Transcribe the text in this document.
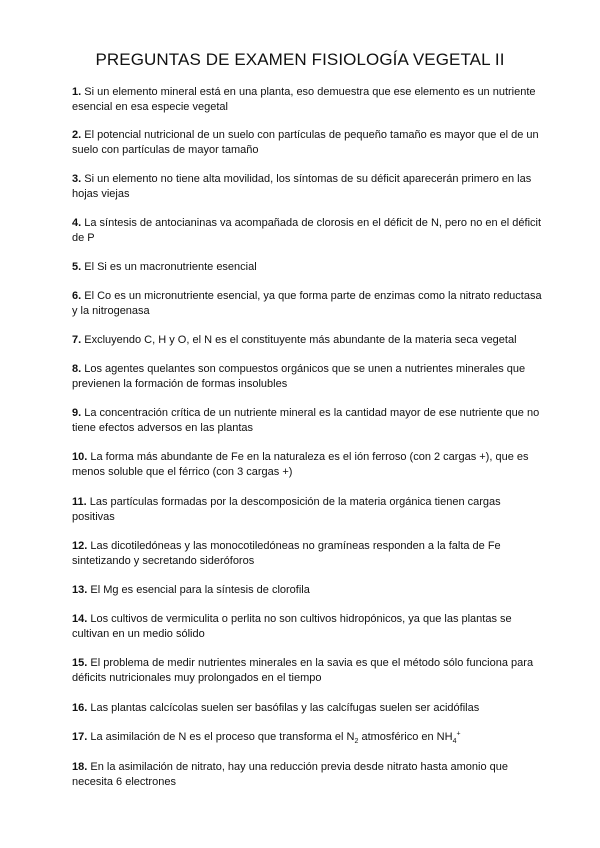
PREGUNTAS DE EXAMEN FISIOLOGÍA VEGETAL II

1. Si un elemento mineral está en una planta, eso demuestra que ese elemento es un nutriente esencial en esa especie vegetal

2. El potencial nutricional de un suelo con partículas de pequeño tamaño es mayor que el de un suelo con partículas de mayor tamaño

3. Si un elemento no tiene alta movilidad, los síntomas de su déficit aparecerán primero en las hojas viejas

4. La síntesis de antocianinas va acompañada de clorosis en el déficit de N, pero no en el déficit de P

5. El Si es un macronutriente esencial

6. El Co es un micronutriente esencial, ya que forma parte de enzimas como la nitrato reductasa y la nitrogenasa

7. Excluyendo C, H y O, el N es el constituyente más abundante de la materia seca vegetal

8. Los agentes quelantes son compuestos orgánicos que se unen a nutrientes minerales que previenen la formación de formas insolubles

9. La concentración crítica de un nutriente mineral es la cantidad mayor de ese nutriente que no tiene efectos adversos en las plantas

10. La forma más abundante de Fe en la naturaleza es el ión ferroso (con 2 cargas +), que es menos soluble que el férrico (con 3 cargas +)

11. Las partículas formadas por la descomposición de la materia orgánica tienen cargas positivas

12. Las dicotiledóneas y las monocotiledóneas no gramíneas responden a la falta de Fe sintetizando y secretando sideróforos

13. El Mg es esencial para la síntesis de clorofila

14. Los cultivos de vermiculita o perlita no son cultivos hidropónicos, ya que las plantas se cultivan en un medio sólido

15. El problema de medir nutrientes minerales en la savia es que el método sólo funciona para déficits nutricionales muy prolongados en el tiempo

16. Las plantas calcícolas suelen ser basófilas y las calcífugas suelen ser acidófilas

17. La asimilación de N es el proceso que transforma el $N_2$ atmosférico en $NH_4^+$

18. En la asimilación de nitrato, hay una reducción previa desde nitrato hasta amonio que necesita 6 electrones
